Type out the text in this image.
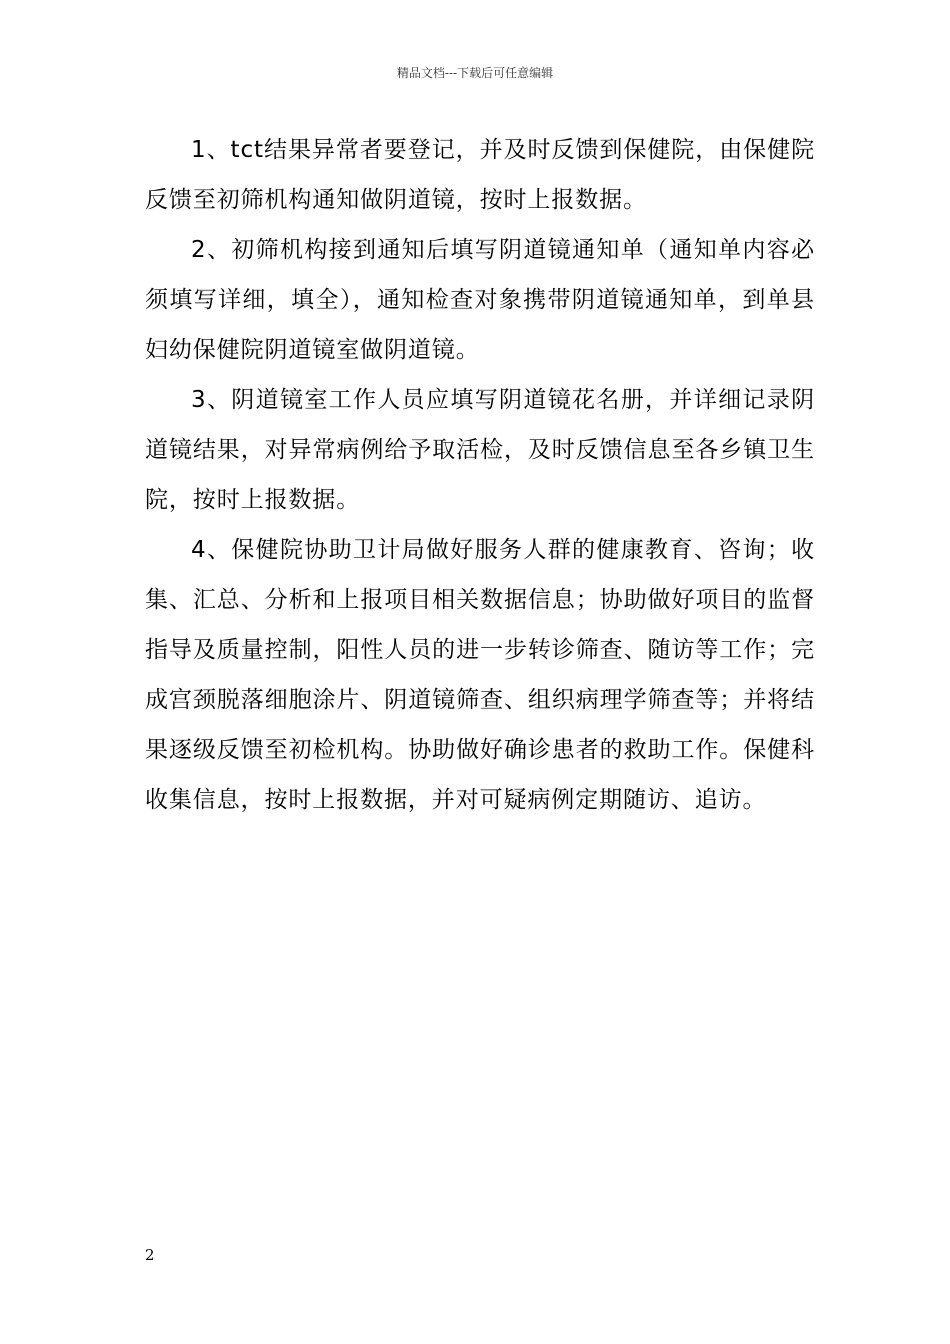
精品文档---下载后可任意编辑

1、tct结果异常者要登记，并及时反馈到保健院，由保健院反馈至初筛机构通知做阴道镜，按时上报数据。

2、初筛机构接到通知后填写阴道镜通知单（通知单内容必须填写详细，填全），通知检查对象携带阴道镜通知单，到单县妇幼保健院阴道镜室做阴道镜。

3、阴道镜室工作人员应填写阴道镜花名册，并详细记录阴道镜结果，对异常病例给予取活检，及时反馈信息至各乡镇卫生院，按时上报数据。

4、保健院协助卫计局做好服务人群的健康教育、咨询；收集、汇总、分析和上报项目相关数据信息；协助做好项目的监督指导及质量控制，阳性人员的进一步转诊筛查、随访等工作；完成宫颈脱落细胞涂片、阴道镜筛查、组织病理学筛查等；并将结果逐级反馈至初检机构。协助做好确诊患者的救助工作。保健科收集信息，按时上报数据，并对可疑病例定期随访、追访。

2
